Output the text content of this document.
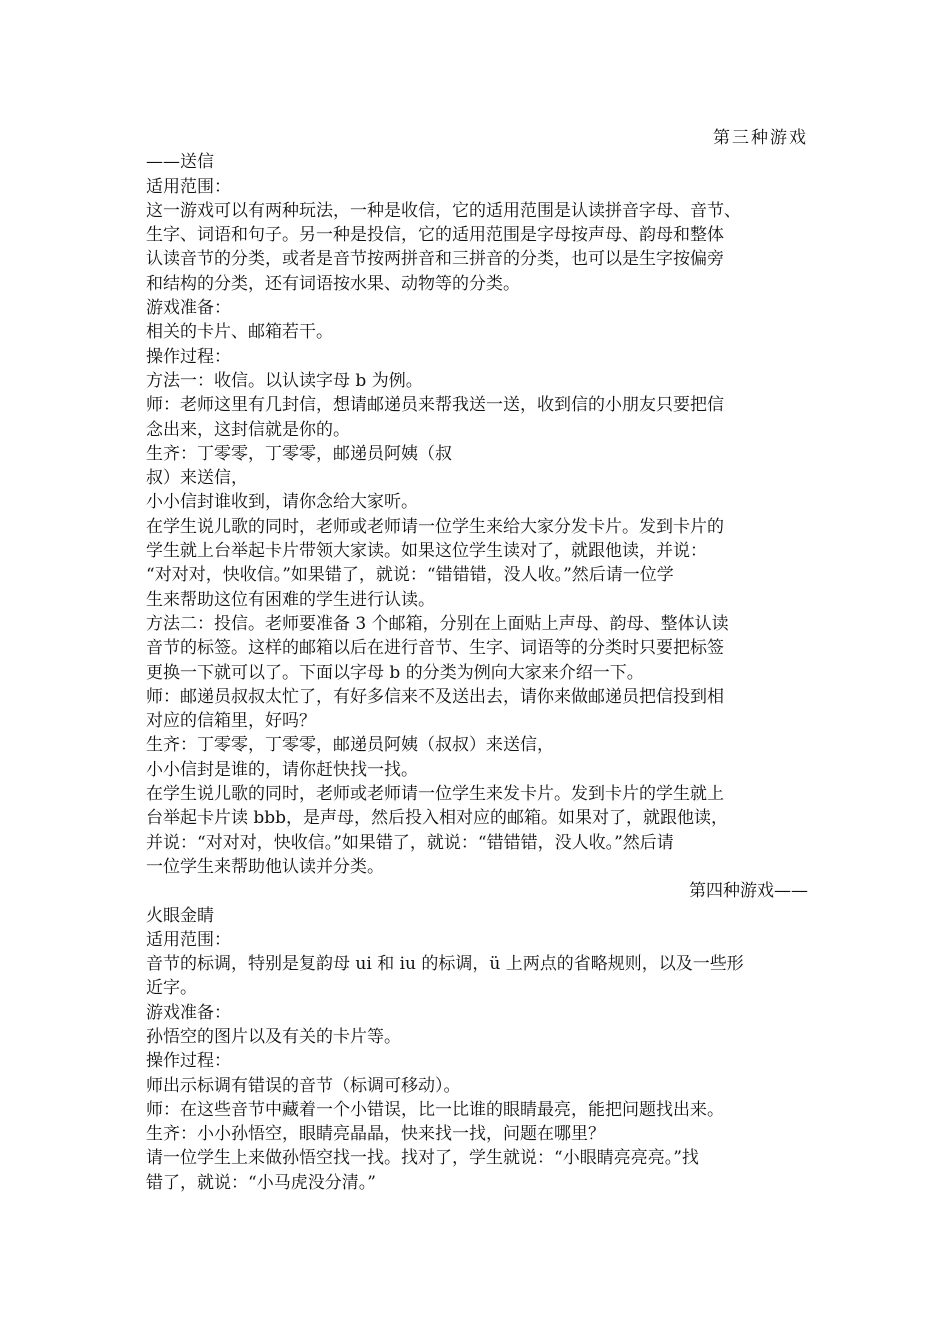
第三种游戏
——送信
适用范围：
这一游戏可以有两种玩法，一种是收信，它的适用范围是认读拼音字母、音节、
生字、词语和句子。另一种是投信，它的适用范围是字母按声母、韵母和整体
认读音节的分类，或者是音节按两拼音和三拼音的分类，也可以是生字按偏旁
和结构的分类，还有词语按水果、动物等的分类。
游戏准备：
相关的卡片、邮箱若干。
操作过程：
方法一：收信。以认读字母 b 为例。
师：老师这里有几封信，想请邮递员来帮我送一送，收到信的小朋友只要把信
念出来，这封信就是你的。
生齐：丁零零，丁零零，邮递员阿姨（叔
叔）来送信，
小小信封谁收到，请你念给大家听。
在学生说儿歌的同时，老师或老师请一位学生来给大家分发卡片。发到卡片的
学生就上台举起卡片带领大家读。如果这位学生读对了，就跟他读，并说：
“对对对，快收信。”如果错了，就说：“错错错，没人收。”然后请一位学
生来帮助这位有困难的学生进行认读。
方法二：投信。老师要准备 3 个邮箱，分别在上面贴上声母、韵母、整体认读
音节的标签。这样的邮箱以后在进行音节、生字、词语等的分类时只要把标签
更换一下就可以了。下面以字母 b 的分类为例向大家来介绍一下。
师：邮递员叔叔太忙了，有好多信来不及送出去，请你来做邮递员把信投到相
对应的信箱里，好吗？
生齐：丁零零，丁零零，邮递员阿姨（叔叔）来送信，
小小信封是谁的，请你赶快找一找。
在学生说儿歌的同时，老师或老师请一位学生来发卡片。发到卡片的学生就上
台举起卡片读 bbb，是声母，然后投入相对应的邮箱。如果对了，就跟他读，
并说：“对对对，快收信。”如果错了，就说：“错错错，没人收。”然后请
一位学生来帮助他认读并分类。
第四种游戏——
火眼金睛
适用范围：
音节的标调，特别是复韵母 ui 和 iu 的标调，ü 上两点的省略规则，以及一些形
近字。
游戏准备：
孙悟空的图片以及有关的卡片等。
操作过程：
师出示标调有错误的音节（标调可移动）。
师：在这些音节中藏着一个小错误，比一比谁的眼睛最亮，能把问题找出来。
生齐：小小孙悟空，眼睛亮晶晶，快来找一找，问题在哪里？
请一位学生上来做孙悟空找一找。找对了，学生就说：“小眼睛亮亮亮。”找
错了，就说：“小马虎没分清。”
